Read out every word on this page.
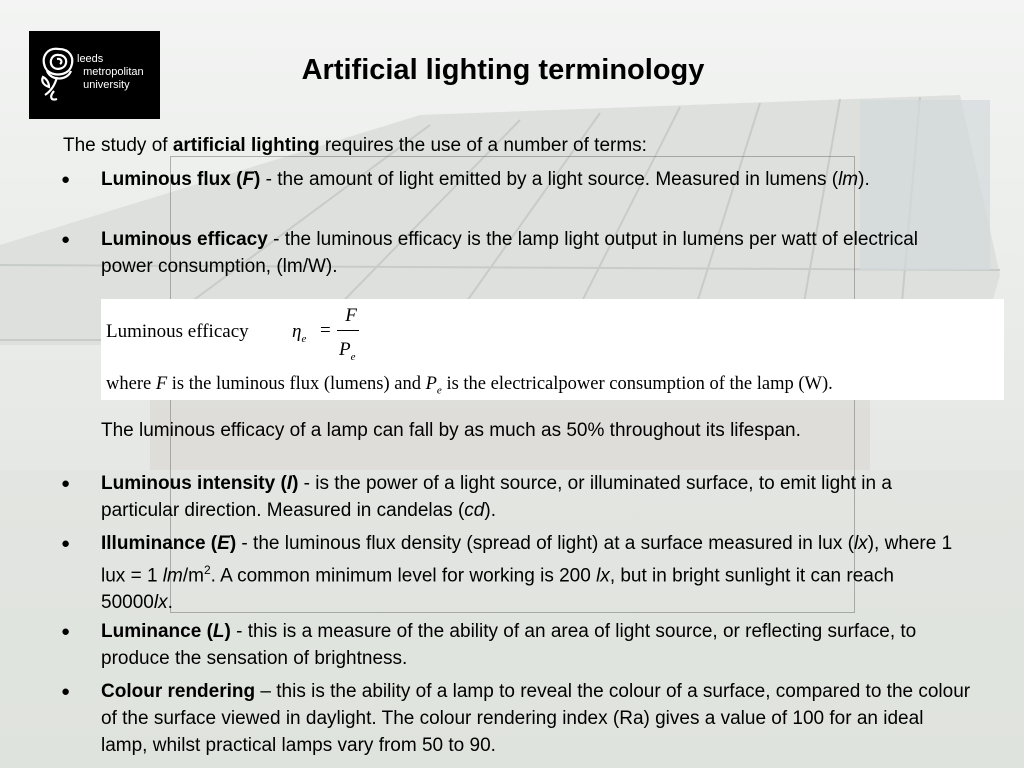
leeds
metropolitan
university	Artificial lighting terminology
The study of artificial lighting requires the use of a number of terms:
● Luminous flux (F) - the amount of light emitted by a light source. Measured in lumens (lm).

● Luminous efficacy - the luminous efficacy is the lamp light output in lumens per watt of electrical power consumption, (lm/W).

Luminous efficacy $\eta_e$ =
F
$P_e$
where F is the luminous flux (lumens) and $P_e$ is the electricalpower consumption of the lamp (W).
The luminous efficacy of a lamp can fall by as much as 50% throughout its lifespan.
● Luminous intensity (I) - is the power of a light source, or illuminated surface, to emit light in a particular direction. Measured in candelas (cd).

● Illuminance (E) - the luminous flux density (spread of light) at a surface measured in lux (lx), where 1 lux = 1 $lm/m^2$. A common minimum level for working is 200 lx, but in bright sunlight it can reach 50000lx.

● Luminance (L) - this is a measure of the ability of an area of light source, or reflecting surface, to produce the sensation of brightness.

● Colour rendering – this is the ability of a lamp to reveal the colour of a surface, compared to the colour of the surface viewed in daylight. The colour rendering index (Ra) gives a value of 100 for an ideal lamp, whilst practical lamps vary from 50 to 90.
